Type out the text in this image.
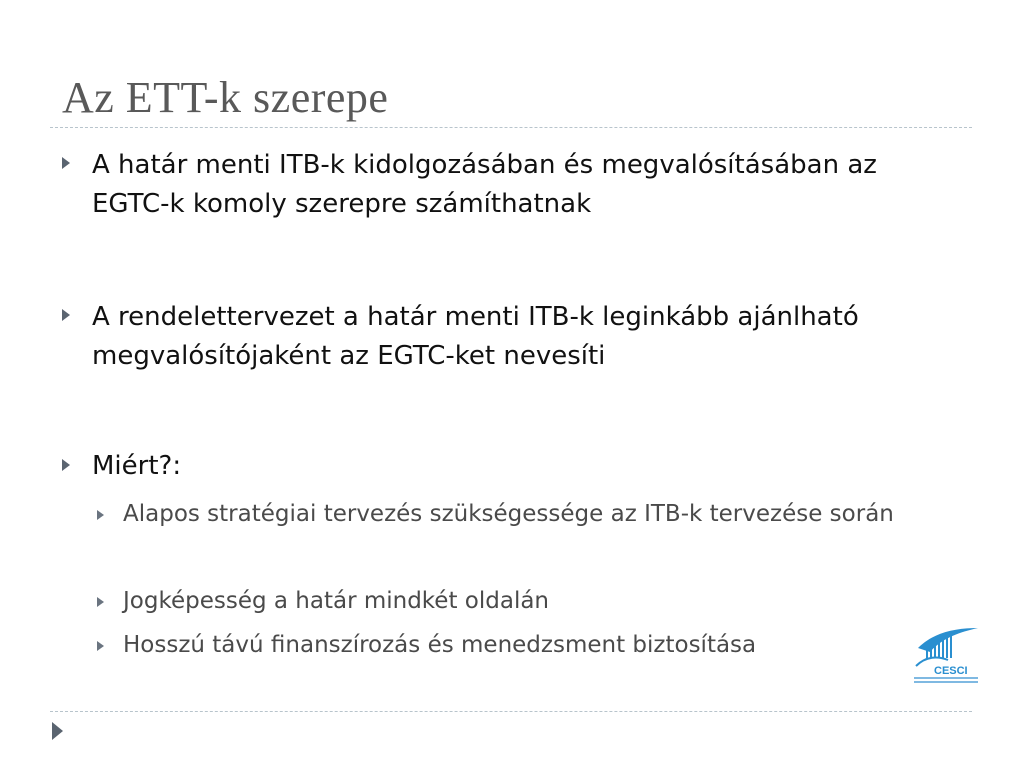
Az ETT-k szerepe

A határ menti ITB-k kidolgozásában és megvalósításában az EGTC-k komoly szerepre számíthatnak

A rendelettervezet a határ menti ITB-k leginkább ajánlható megvalósítójaként az EGTC-ket nevesíti

Miért?:

Alapos stratégiai tervezés szükségessége az ITB-k tervezése során

Jogképesség a határ mindkét oldalán

Hosszú távú finanszírozás és menedzsment biztosítása

CESCI
